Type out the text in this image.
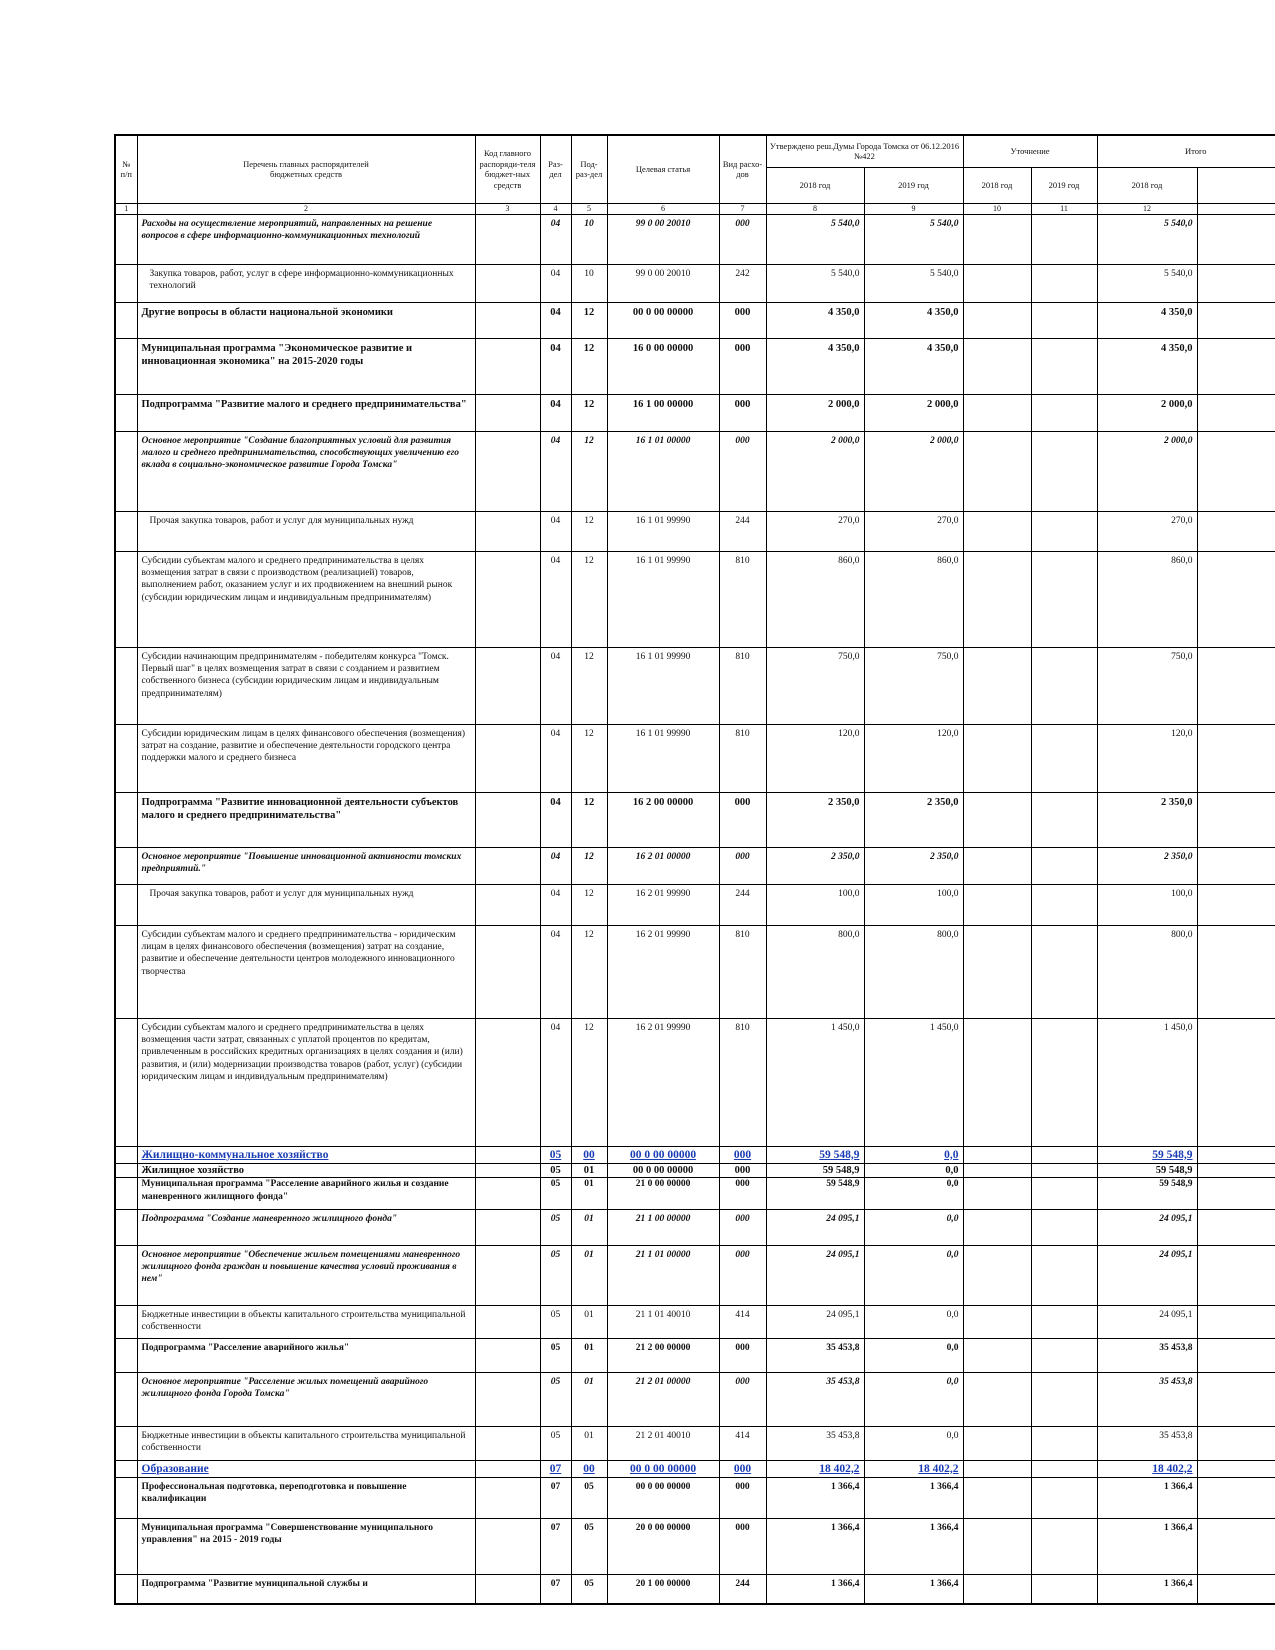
№
п/п	Перечень главных распорядителей бюджетных средств	Код главного распоряди-теля бюджет-ных средств	Раз-дел	Под-раз-дел	Целевая статья	Вид расхо-дов	Утверждено реш.Думы Города Томска от 06.12.2016 №422		Уточнение		Итого	
							2018 год	2019 год	2018 год	2019 год	2018 год	
1	2	3	4	5	6	7	8	9	10	11	12	
	Расходы на осуществление мероприятий, направленных на решение вопросов в сфере информационно-коммуникационных технологий		04	10	99 0 00 20010	000	5 540,0	5 540,0			5 540,0	
	Закупка товаров, работ, услуг в сфере информационно-коммуникационных технологий		04	10	99 0 00 20010	242	5 540,0	5 540,0			5 540,0	
	Другие вопросы в области национальной экономики		04	12	00 0 00 00000	000	4 350,0	4 350,0			4 350,0	
	Муниципальная программа "Экономическое развитие и инновационная экономика" на 2015-2020 годы		04	12	16 0 00 00000	000	4 350,0	4 350,0			4 350,0	
	Подпрограмма "Развитие малого и среднего предпринимательства"		04	12	16 1 00 00000	000	2 000,0	2 000,0			2 000,0	
	Основное мероприятие "Создание благоприятных условий для развития малого и среднего предпринимательства, способствующих увеличению его вклада в социально-экономическое развитие Города Томска"		04	12	16 1 01 00000	000	2 000,0	2 000,0			2 000,0	
	Прочая закупка товаров, работ и услуг для муниципальных нужд		04	12	16 1 01 99990	244	270,0	270,0			270,0	
	Субсидии субъектам малого и среднего предпринимательства в целях возмещения затрат в связи с производством (реализацией) товаров, выполнением работ, оказанием услуг и их продвижением на внешний рынок (субсидии юридическим лицам и индивидуальным предпринимателям)		04	12	16 1 01 99990	810	860,0	860,0			860,0	
	Субсидии начинающим предпринимателям - победителям конкурса "Томск. Первый шаг" в целях возмещения затрат в связи с созданием и развитием собственного бизнеса (субсидии юридическим лицам и индивидуальным предпринимателям)		04	12	16 1 01 99990	810	750,0	750,0			750,0	
	Субсидии юридическим лицам в целях финансового обеспечения (возмещения) затрат на создание, развитие и обеспечение деятельности городского центра поддержки малого и среднего бизнеса		04	12	16 1 01 99990	810	120,0	120,0			120,0	
	Подпрограмма "Развитие инновационной деятельности субъектов малого и среднего предпринимательства"		04	12	16 2 00 00000	000	2 350,0	2 350,0			2 350,0	
	Основное мероприятие "Повышение инновационной активности томских предприятий."		04	12	16 2 01 00000	000	2 350,0	2 350,0			2 350,0	
	Прочая закупка товаров, работ и услуг для муниципальных нужд		04	12	16 2 01 99990	244	100,0	100,0			100,0	
	Субсидии субъектам малого и среднего предпринимательства - юридическим лицам в целях финансового обеспечения (возмещения) затрат на создание, развитие и обеспечение деятельности центров молодежного инновационного творчества		04	12	16 2 01 99990	810	800,0	800,0			800,0	
	Субсидии субъектам малого и среднего предпринимательства в целях возмещения части затрат, связанных с уплатой процентов по кредитам, привлеченным в российских кредитных организациях в целях создания и (или) развития, и (или) модернизации производства товаров (работ, услуг) (субсидии юридическим лицам и индивидуальным предпринимателям)		04	12	16 2 01 99990	810	1 450,0	1 450,0			1 450,0	
	Жилищно-коммунальное хозяйство		05	00	00 0 00 00000	000	59 548,9	0,0			59 548,9	
	Жилищное хозяйство		05	01	00 0 00 00000	000	59 548,9	0,0			59 548,9	
	Муниципальная программа "Расселение аварийного жилья и создание маневренного жилищного фонда"		05	01	21 0 00 00000	000	59 548,9	0,0			59 548,9	
	Подпрограмма "Создание маневренного жилищного фонда"		05	01	21 1 00 00000	000	24 095,1	0,0			24 095,1	
	Основное мероприятие "Обеспечение жильем помещениями маневренного жилищного фонда граждан и повышение качества условий проживания в нем"		05	01	21 1 01 00000	000	24 095,1	0,0			24 095,1	
	Бюджетные инвестиции в объекты капитального строительства муниципальной собственности		05	01	21 1 01 40010	414	24 095,1	0,0			24 095,1	
	Подпрограмма "Расселение аварийного жилья"		05	01	21 2 00 00000	000	35 453,8	0,0			35 453,8	
	Основное мероприятие "Расселение жилых помещений аварийного жилищного фонда Города Томска"		05	01	21 2 01 00000	000	35 453,8	0,0			35 453,8	
	Бюджетные инвестиции в объекты капитального строительства муниципальной собственности		05	01	21 2 01 40010	414	35 453,8	0,0			35 453,8	
	Образование		07	00	00 0 00 00000	000	18 402,2	18 402,2			18 402,2	
	Профессиональная подготовка, переподготовка и повышение квалификации		07	05	00 0 00 00000	000	1 366,4	1 366,4			1 366,4	
	Муниципальная программа "Совершенствование муниципального управления" на 2015 - 2019 годы		07	05	20 0 00 00000	000	1 366,4	1 366,4			1 366,4	
	Подпрограмма "Развитие муниципальной службы и		07	05	20 1 00 00000	244	1 366,4	1 366,4			1 366,4	
